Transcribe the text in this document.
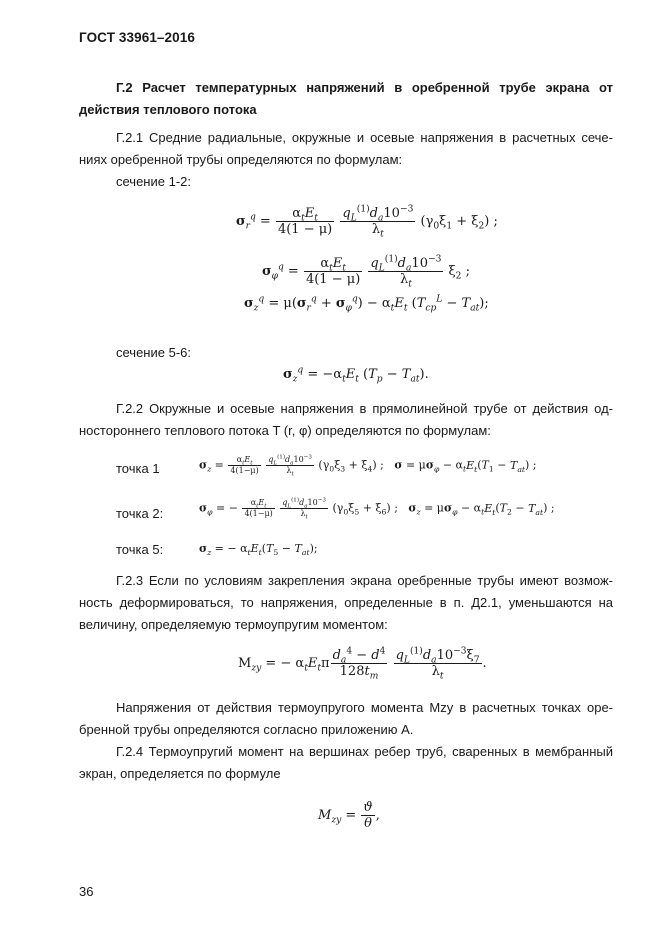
ГОСТ 33961–2016
Г.2 Расчет температурных напряжений в оребренной трубе экрана от
действия теплового потока
Г.2.1 Средние радиальные, окружные и осевые напряжения в расчетных сече-
ниях оребренной трубы определяются по формулам:
сечение 1-2:
$\sigma_r^q = \frac{\alpha_tE_t}{4(1 - \mu)}$
$\frac{q_L^{(1)}d_a10^{-3}}{\lambda_t} (\gamma_0\xi_1 + \xi_2)$ ;
$\sigma_\varphi^q = \frac{\alpha_tE_t}{4(1 - \mu)}$
$\frac{q_L^{(1)}d_a10^{-3}}{\lambda_t} \xi_2$ ;
$\sigma_z^q = \mu(\sigma_r^q + \sigma_\varphi^q) - \alpha_tE_t$ $(T_{cp}^L - T_{at})$;
сечение 5-6:
$\sigma_z^q = -\alpha_tE_t$ $(T_p - T_{at})$.
Г.2.2 Окружные и осевые напряжения в прямолинейной трубе от действия од-
ностороннего теплового потока T (r, φ) определяются по формулам:
точка 1	$\sigma_z = \frac{\alpha_tE_t}{4(1-\mu)}$
$\frac{q_L^{(1)}d_a10^{-3}}{\lambda_t} (\gamma_0\xi_3 + \xi_4)$ ;   $\sigma = \mu\sigma_\varphi - \alpha_tE_t(T_1 - T_{at})$ ;
точка 2:	$\sigma_\varphi$ = − $\frac{\alpha_tE_t}{4(1-\mu)}$
$\frac{q_L^{(1)}d_a10^{-3}}{\lambda_t} (\gamma_0\xi_5 + \xi_6)$ ;   $\sigma_z = \mu\sigma_\varphi - \alpha_tE_t(T_2 - T_{at})$ ;
точка 5:	$\sigma_z$ = − $\alpha_tE_t(T_5 - T_{at})$;
Г.2.3 Если по условиям закрепления экрана оребренные трубы имеют возмож-
ность деформироваться, то напряжения, определенные в п. Д2.1, уменьшаются на
величину, определяемую термоупругим моментом:
$M_{zy}$ = − $\alpha_tE_t\pi \frac{d_a^4 - d^4}{128t_m}$
$\frac{q_L^{(1)}d_a10^{-3}\xi_7}{\lambda_t}$ .
Напряжения от действия термоупругого момента Mzy в расчетных точках ope-
бренной трубы определяются согласно приложению А.
Г.2.4 Термоупругий момент на вершинах ребер труб, сваренных в мембранный
экран, определяется по формуле
$M_{zy} = \frac{ϑ}{\theta}$ ,
36
